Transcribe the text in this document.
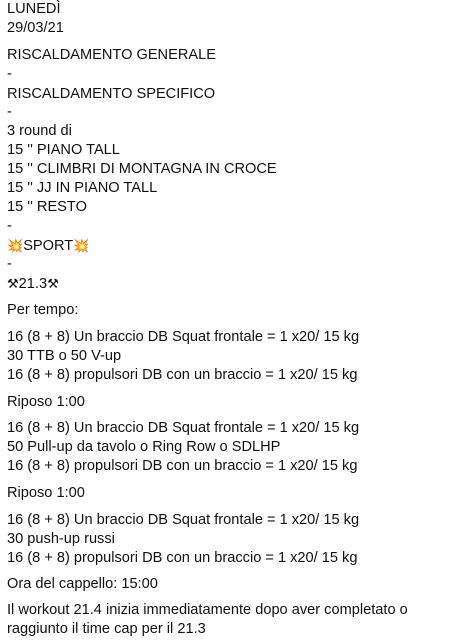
LUNEDÌ
29/03/21
RISCALDAMENTO GENERALE
-
RISCALDAMENTO SPECIFICO
-
3 round di
15 '' PIANO TALL
15 '' CLIMBRI DI MONTAGNA IN CROCE
15 '' JJ IN PIANO TALL
15 '' RESTO
-
💥SPORT💥
-
⚒21.3⚒
Per tempo:
16 (8 + 8) Un braccio DB Squat frontale = 1 x20/ 15 kg
30 TTB o 50 V-up
16 (8 + 8) propulsori DB con un braccio = 1 x20/ 15 kg
Riposo 1:00
16 (8 + 8) Un braccio DB Squat frontale = 1 x20/ 15 kg
50 Pull-up da tavolo o Ring Row o SDLHP
16 (8 + 8) propulsori DB con un braccio = 1 x20/ 15 kg
Riposo 1:00
16 (8 + 8) Un braccio DB Squat frontale = 1 x20/ 15 kg
30 push-up russi
16 (8 + 8) propulsori DB con un braccio = 1 x20/ 15 kg
Ora del cappello: 15:00
Il workout 21.4 inizia immediatamente dopo aver completato o
raggiunto il time cap per il 21.3
